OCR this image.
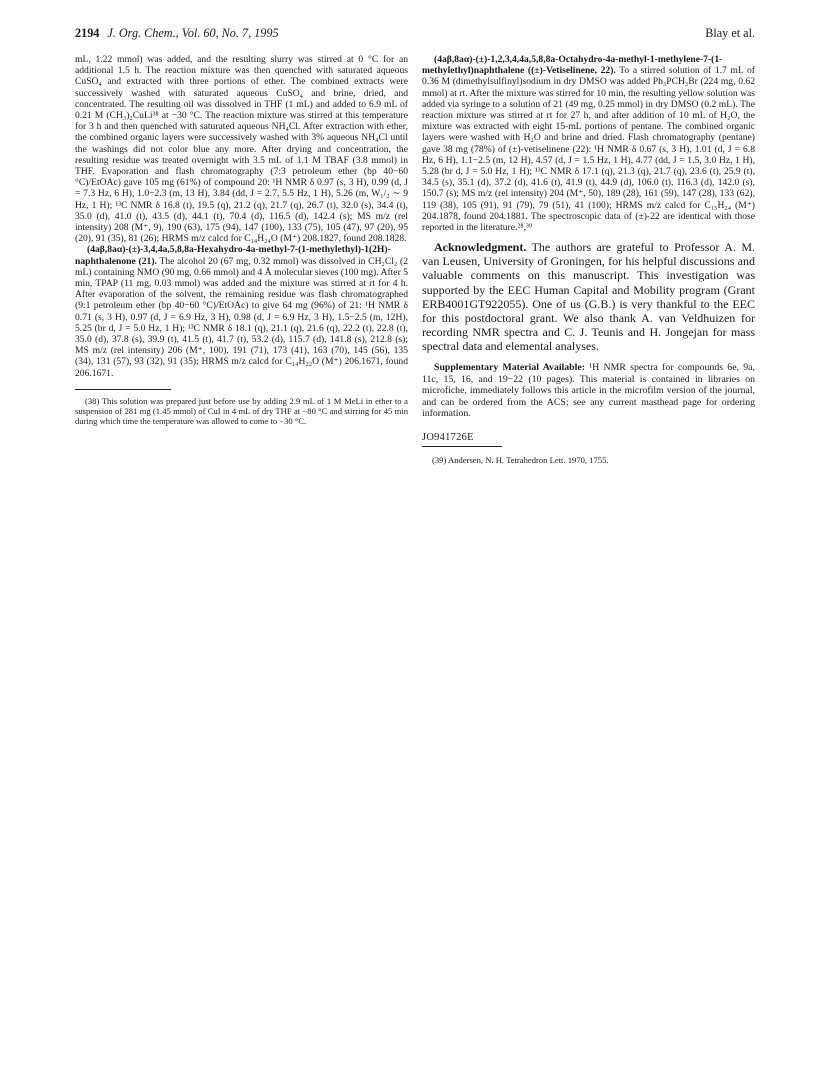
2194 J. Org. Chem., Vol. 60, No. 7, 1995	Blay et al.

mL, 1.22 mmol) was added, and the resulting slurry was stirred at 0 °C for an additional 1.5 h. The reaction mixture was then quenched with saturated aqueous CuSO₄ and extracted with three portions of ether. The combined extracts were successively washed with saturated aqueous CuSO₄ and brine, dried, and concentrated. The resulting oil was dissolved in THF (1 mL) and added to 6.9 mL of 0.21 M (CH₃)₂CuLi³⁸ at −30 °C. The reaction mixture was stirred at this temperature for 3 h and then quenched with saturated aqueous NH₄Cl. After extraction with ether, the combined organic layers were successively washed with 3% aqueous NH₄Cl until the washings did not color blue any more. After drying and concentration, the resulting residue was treated overnight with 3.5 mL of 1.1 M TBAF (3.8 mmol) in THF. Evaporation and flash chromatography (7:3 petroleum ether (bp 40−60 °C)/EtOAc) gave 105 mg (61%) of compound 20: ¹H NMR δ 0.97 (s, 3 H), 0.99 (d, J = 7.3 Hz, 6 H), 1.0−2.3 (m, 13 H), 3.84 (dd, J = 2.7, 5.5 Hz, 1 H), 5.26 (m, W₁/₂ ∼ 9 Hz, 1 H); ¹³C NMR δ 16.8 (t), 19.5 (q), 21.2 (q), 21.7 (q), 26.7 (t), 32.0 (s), 34.4 (t), 35.0 (d), 41.0 (t), 43.5 (d), 44.1 (t), 70.4 (d), 116.5 (d), 142.4 (s); MS m/z (rel intensity) 208 (M⁺, 9), 190 (63), 175 (94), 147 (100), 133 (75), 105 (47), 97 (20), 95 (20), 91 (35), 81 (26); HRMS m/z calcd for C₁₄H₂₄O (M⁺) 208.1827, found 208.1828.

(4aβ,8aα)-(±)-3,4,4a,5,8,8a-Hexahydro-4a-methyl-7-(1-methylethyl)-1(2H)-naphthalenone (21). The alcohol 20 (67 mg, 0.32 mmol) was dissolved in CH₂Cl₂ (2 mL) containing NMO (90 mg, 0.66 mmol) and 4 Å molecular sieves (100 mg). After 5 min, TPAP (11 mg, 0.03 mmol) was added and the mixture was stirred at rt for 4 h. After evaporation of the solvent, the remaining residue was flash chromatographed (9:1 petroleum ether (bp 40−60 °C)/EtOAc) to give 64 mg (96%) of 21: ¹H NMR δ 0.71 (s, 3 H), 0.97 (d, J = 6.9 Hz, 3 H), 0.98 (d, J = 6.9 Hz, 3 H), 1.5−2.5 (m, 12H), 5.25 (br d, J = 5.0 Hz, 1 H); ¹³C NMR δ 18.1 (q), 21.1 (q), 21.6 (q), 22.2 (t), 22.8 (t), 35.0 (d), 37.8 (s), 39.9 (t), 41.5 (t), 41.7 (t), 53.2 (d), 115.7 (d), 141.8 (s), 212.8 (s); MS m/z (rel intensity) 206 (M⁺, 100), 191 (71), 173 (41), 163 (70), 145 (56), 135 (34), 131 (57), 93 (32), 91 (35); HRMS m/z calcd for C₁₄H₂₂O (M⁺) 206.1671, found 206.1671.

(38) This solution was prepared just before use by adding 2.9 mL of 1 M MeLi in ether to a suspension of 281 mg (1.45 mmol) of CuI in 4 mL of dry THF at −80 °C and stirring for 45 min during which time the temperature was allowed to come to −30 °C.

(4aβ,8aα)-(±)-1,2,3,4,4a,5,8,8a-Octahydro-4a-methyl-1-methylene-7-(1-methylethyl)naphthalene ((±)-Vetiselinene, 22). To a stirred solution of 1.7 mL of 0.36 M (dimethylsulfinyl)sodium in dry DMSO was added Ph₃PCH₃Br (224 mg, 0.62 mmol) at rt. After the mixture was stirred for 10 min, the resulting yellow solution was added via syringe to a solution of 21 (49 mg, 0.25 mmol) in dry DMSO (0.2 mL). The reaction mixture was stirred at rt for 27 h, and after addition of 10 mL of H₂O, the mixture was extracted with eight 15-mL portions of pentane. The combined organic layers were washed with H₂O and brine and dried. Flash chromatography (pentane) gave 38 mg (78%) of (±)-vetiselinene (22): ¹H NMR δ 0.67 (s, 3 H), 1.01 (d, J = 6.8 Hz, 6 H), 1.1−2.5 (m, 12 H), 4.57 (d, J = 1.5 Hz, 1 H), 4.77 (dd, J = 1.5, 3.0 Hz, 1 H), 5.28 (br d, J = 5.0 Hz, 1 H); ¹³C NMR δ 17.1 (q), 21.3 (q), 21.7 (q), 23.6 (t), 25.9 (t), 34.5 (s), 35.1 (d), 37.2 (d), 41.6 (t), 41.9 (t), 44.9 (d), 106.0 (t), 116.3 (d), 142.0 (s), 150.7 (s); MS m/z (rel intensity) 204 (M⁺, 50), 189 (28), 161 (59), 147 (28), 133 (62), 119 (38), 105 (91), 91 (79), 79 (51), 41 (100); HRMS m/z calcd for C₁₅H₂₄ (M⁺) 204.1878, found 204.1881. The spectroscopic data of (±)-22 are identical with those reported in the literature.²⁸,³⁹

Acknowledgment. The authors are grateful to Professor A. M. van Leusen, University of Groningen, for his helpful discussions and valuable comments on this manuscript. This investigation was supported by the EEC Human Capital and Mobility program (Grant ERB4001GT922055). One of us (G.B.) is very thankful to the EEC for this postdoctoral grant. We also thank A. van Veldhuizen for recording NMR spectra and C. J. Teunis and H. Jongejan for mass spectral data and elemental analyses.

Supplementary Material Available: ¹H NMR spectra for compounds 6e, 9a, 11c, 15, 16, and 19−22 (10 pages). This material is contained in libraries on microfiche, immediately follows this article in the microfilm version of the journal, and can be ordered from the ACS; see any current masthead page for ordering information.

JO941726E

(39) Andersen, N. H. Tetrahedron Lett. 1970, 1755.
